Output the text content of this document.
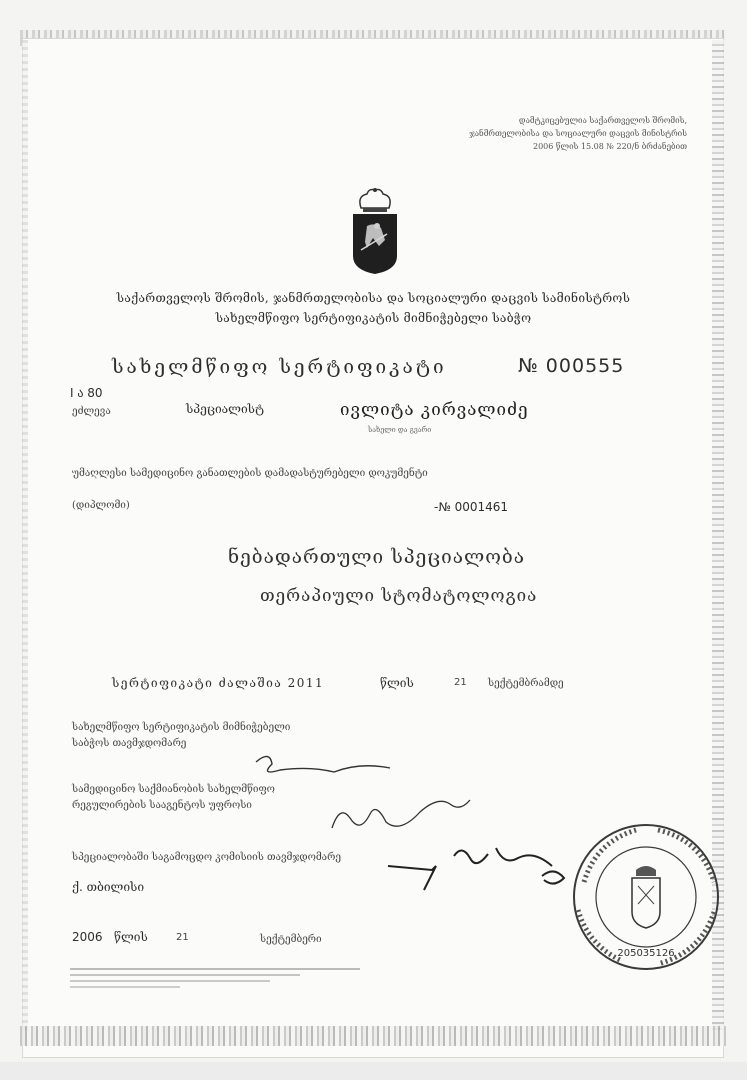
დამტკიცებულია საქართველოს შრომის,
ჯანმრთელობისა და სოციალური დაცვის მინისტრის
2006 წლის 15.08 № 220/ნ ბრძანებით
საქართველოს შრომის, ჯანმრთელობისა და სოციალური დაცვის სამინისტროს
სახელმწიფო სერტიფიკატის მიმნიჭებელი საბჭო
სახელმწიფო სერტიფიკატი	№ 000555
I ა 80
ეძლევა	სპეციალისტ	ივლიტა კირვალიძე
სახელი და გვარი
უმაღლესი სამედიცინო განათლების დამადასტურებელი დოკუმენტი
(დიპლომი)	-№ 0001461
ნებადართული სპეციალობა
თერაპიული სტომატოლოგია
სერტიფიკატი ძალაშია 2011	წლის	21 სექტემბრამდე
სახელმწიფო სერტიფიკატის მიმნიჭებელი
საბჭოს თავმჯდომარე
სამედიცინო საქმიანობის სახელმწიფო
რეგულირების სააგენტოს უფროსი
სპეციალობაში საგამოცდო კომისიის თავმჯდომარე
ქ. თბილისი
2006 წლის	21	სექტემბერი
205035126
